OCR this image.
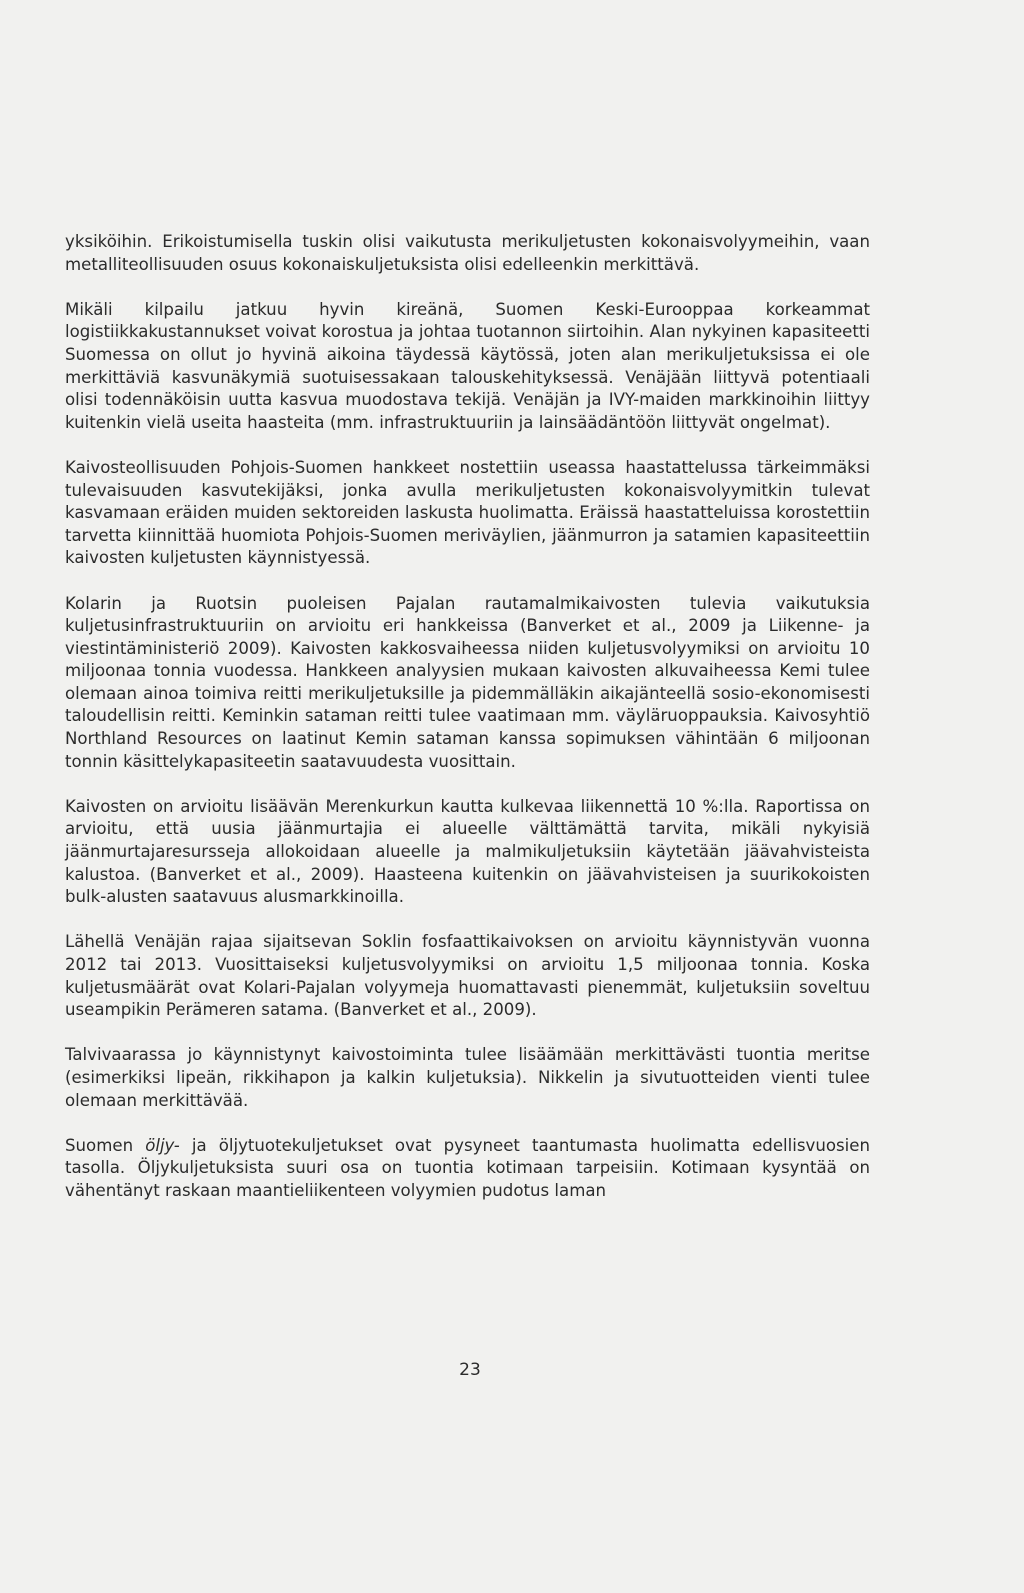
yksiköihin. Erikoistumisella tuskin olisi vaikutusta merikuljetusten kokonaisvolyymeihin, vaan metalliteollisuuden osuus kokonaiskuljetuksista olisi edelleenkin merkittävä.

Mikäli kilpailu jatkuu hyvin kireänä, Suomen Keski-Eurooppaa korkeammat logistiikkakustannukset voivat korostua ja johtaa tuotannon siirtoihin. Alan nykyinen kapasiteetti Suomessa on ollut jo hyvinä aikoina täydessä käytössä, joten alan merikuljetuksissa ei ole merkittäviä kasvunäkymiä suotuisessakaan talouskehityksessä. Venäjään liittyvä potentiaali olisi todennäköisin uutta kasvua muodostava tekijä. Venäjän ja IVY-maiden markkinoihin liittyy kuitenkin vielä useita haasteita (mm. infrastruktuuriin ja lainsäädäntöön liittyvät ongelmat).

Kaivosteollisuuden Pohjois-Suomen hankkeet nostettiin useassa haastattelussa tärkeimmäksi tulevaisuuden kasvutekijäksi, jonka avulla merikuljetusten kokonaisvolyymitkin tulevat kasvamaan eräiden muiden sektoreiden laskusta huolimatta. Eräissä haastatteluissa korostettiin tarvetta kiinnittää huomiota Pohjois-Suomen meriväylien, jäänmurron ja satamien kapasiteettiin kaivosten kuljetusten käynnistyessä.

Kolarin ja Ruotsin puoleisen Pajalan rautamalmikaivosten tulevia vaikutuksia kuljetusinfrastruktuuriin on arvioitu eri hankkeissa (Banverket et al., 2009 ja Liikenne- ja viestintäministeriö 2009). Kaivosten kakkosvaiheessa niiden kuljetusvolyymiksi on arvioitu 10 miljoonaa tonnia vuodessa. Hankkeen analyysien mukaan kaivosten alkuvaiheessa Kemi tulee olemaan ainoa toimiva reitti merikuljetuksille ja pidemmälläkin aikajänteellä sosio-ekonomisesti taloudellisin reitti. Keminkin sataman reitti tulee vaatimaan mm. väyläruoppauksia. Kaivosyhtiö Northland Resources on laatinut Kemin sataman kanssa sopimuksen vähintään 6 miljoonan tonnin käsittelykapasiteetin saatavuudesta vuosittain.

Kaivosten on arvioitu lisäävän Merenkurkun kautta kulkevaa liikennettä 10 %:lla. Raportissa on arvioitu, että uusia jäänmurtajia ei alueelle välttämättä tarvita, mikäli nykyisiä jäänmurtajaresursseja allokoidaan alueelle ja malmikuljetuksiin käytetään jäävahvisteista kalustoa. (Banverket et al., 2009). Haasteena kuitenkin on jäävahvisteisen ja suurikokoisten bulk-alusten saatavuus alusmarkkinoilla.

Lähellä Venäjän rajaa sijaitsevan Soklin fosfaattikaivoksen on arvioitu käynnistyvän vuonna 2012 tai 2013. Vuosittaiseksi kuljetusvolyymiksi on arvioitu 1,5 miljoonaa tonnia. Koska kuljetusmäärät ovat Kolari-Pajalan volyymeja huomattavasti pienemmät, kuljetuksiin soveltuu useampikin Perämeren satama. (Banverket et al., 2009).

Talvivaarassa jo käynnistynyt kaivostoiminta tulee lisäämään merkittävästi tuontia meritse (esimerkiksi lipeän, rikkihapon ja kalkin kuljetuksia). Nikkelin ja sivutuotteiden vienti tulee olemaan merkittävää.

Suomen öljy- ja öljytuotekuljetukset ovat pysyneet taantumasta huolimatta edellisvuosien tasolla. Öljykuljetuksista suuri osa on tuontia kotimaan tarpeisiin. Kotimaan kysyntää on vähentänyt raskaan maantieliikenteen volyymien pudotus laman

23
